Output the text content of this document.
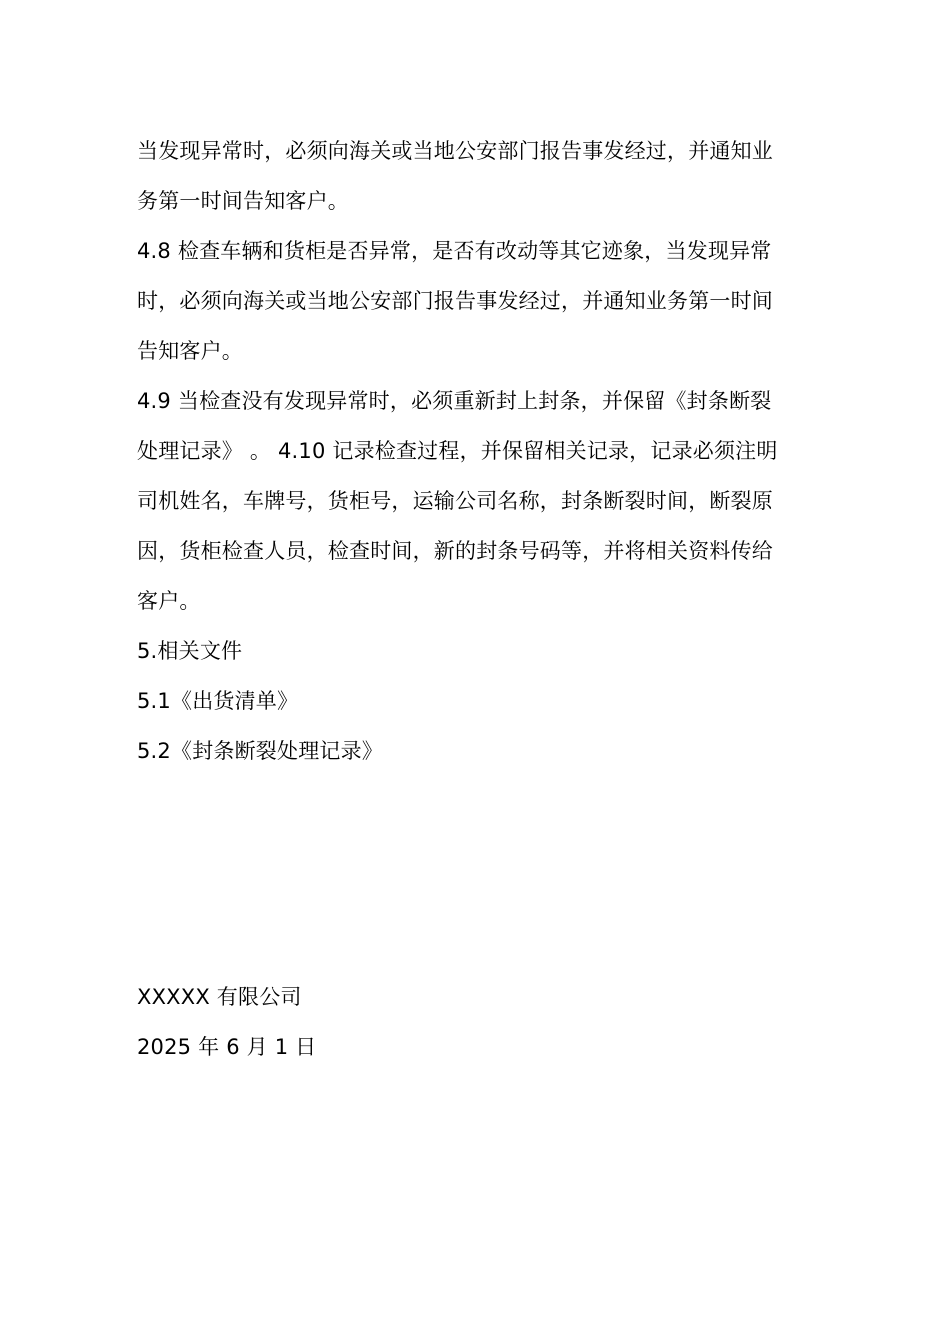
当发现异常时，必须向海关或当地公安部门报告事发经过，并通知业
务第一时间告知客户。
4.8 检查车辆和货柜是否异常，是否有改动等其它迹象，当发现异常
时，必须向海关或当地公安部门报告事发经过，并通知业务第一时间
告知客户。
4.9 当检查没有发现异常时，必须重新封上封条，并保留《封条断裂
处理记录》 。 4.10 记录检查过程，并保留相关记录，记录必须注明
司机姓名，车牌号，货柜号，运输公司名称，封条断裂时间，断裂原
因，货柜检查人员，检查时间，新的封条号码等，并将相关资料传给
客户。
5.相关文件
5.1《出货清单》
5.2《封条断裂处理记录》
XXXXX 有限公司
2025 年 6 月 1 日
